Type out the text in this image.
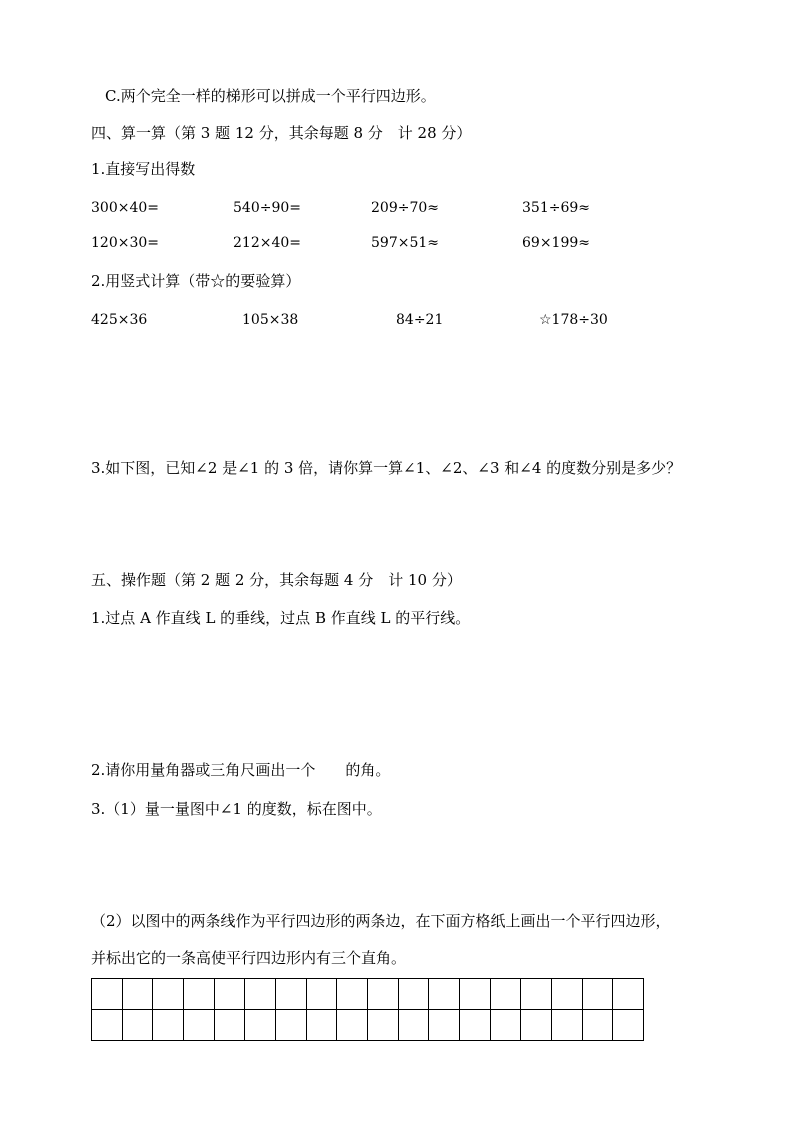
C.两个完全一样的梯形可以拼成一个平行四边形。
四、算一算（第 3 题 12 分，其余每题 8 分　计 28 分）
1.直接写出得数
300×40=	540÷90=	209÷70≈	351÷69≈
120×30=	212×40=	597×51≈	69×199≈
2.用竖式计算（带☆的要验算）
425×36	105×38	84÷21	☆178÷30
3.如下图，已知∠2 是∠1 的 3 倍，请你算一算∠1、∠2、∠3 和∠4 的度数分别是多少？
五、操作题（第 2 题 2 分，其余每题 4 分　计 10 分）
1.过点 A 作直线 L 的垂线，过点 B 作直线 L 的平行线。
2.请你用量角器或三角尺画出一个　　的角。
3.（1）量一量图中∠1 的度数，标在图中。
（2）以图中的两条线作为平行四边形的两条边，在下面方格纸上画出一个平行四边形，
并标出它的一条高使平行四边形内有三个直角。
